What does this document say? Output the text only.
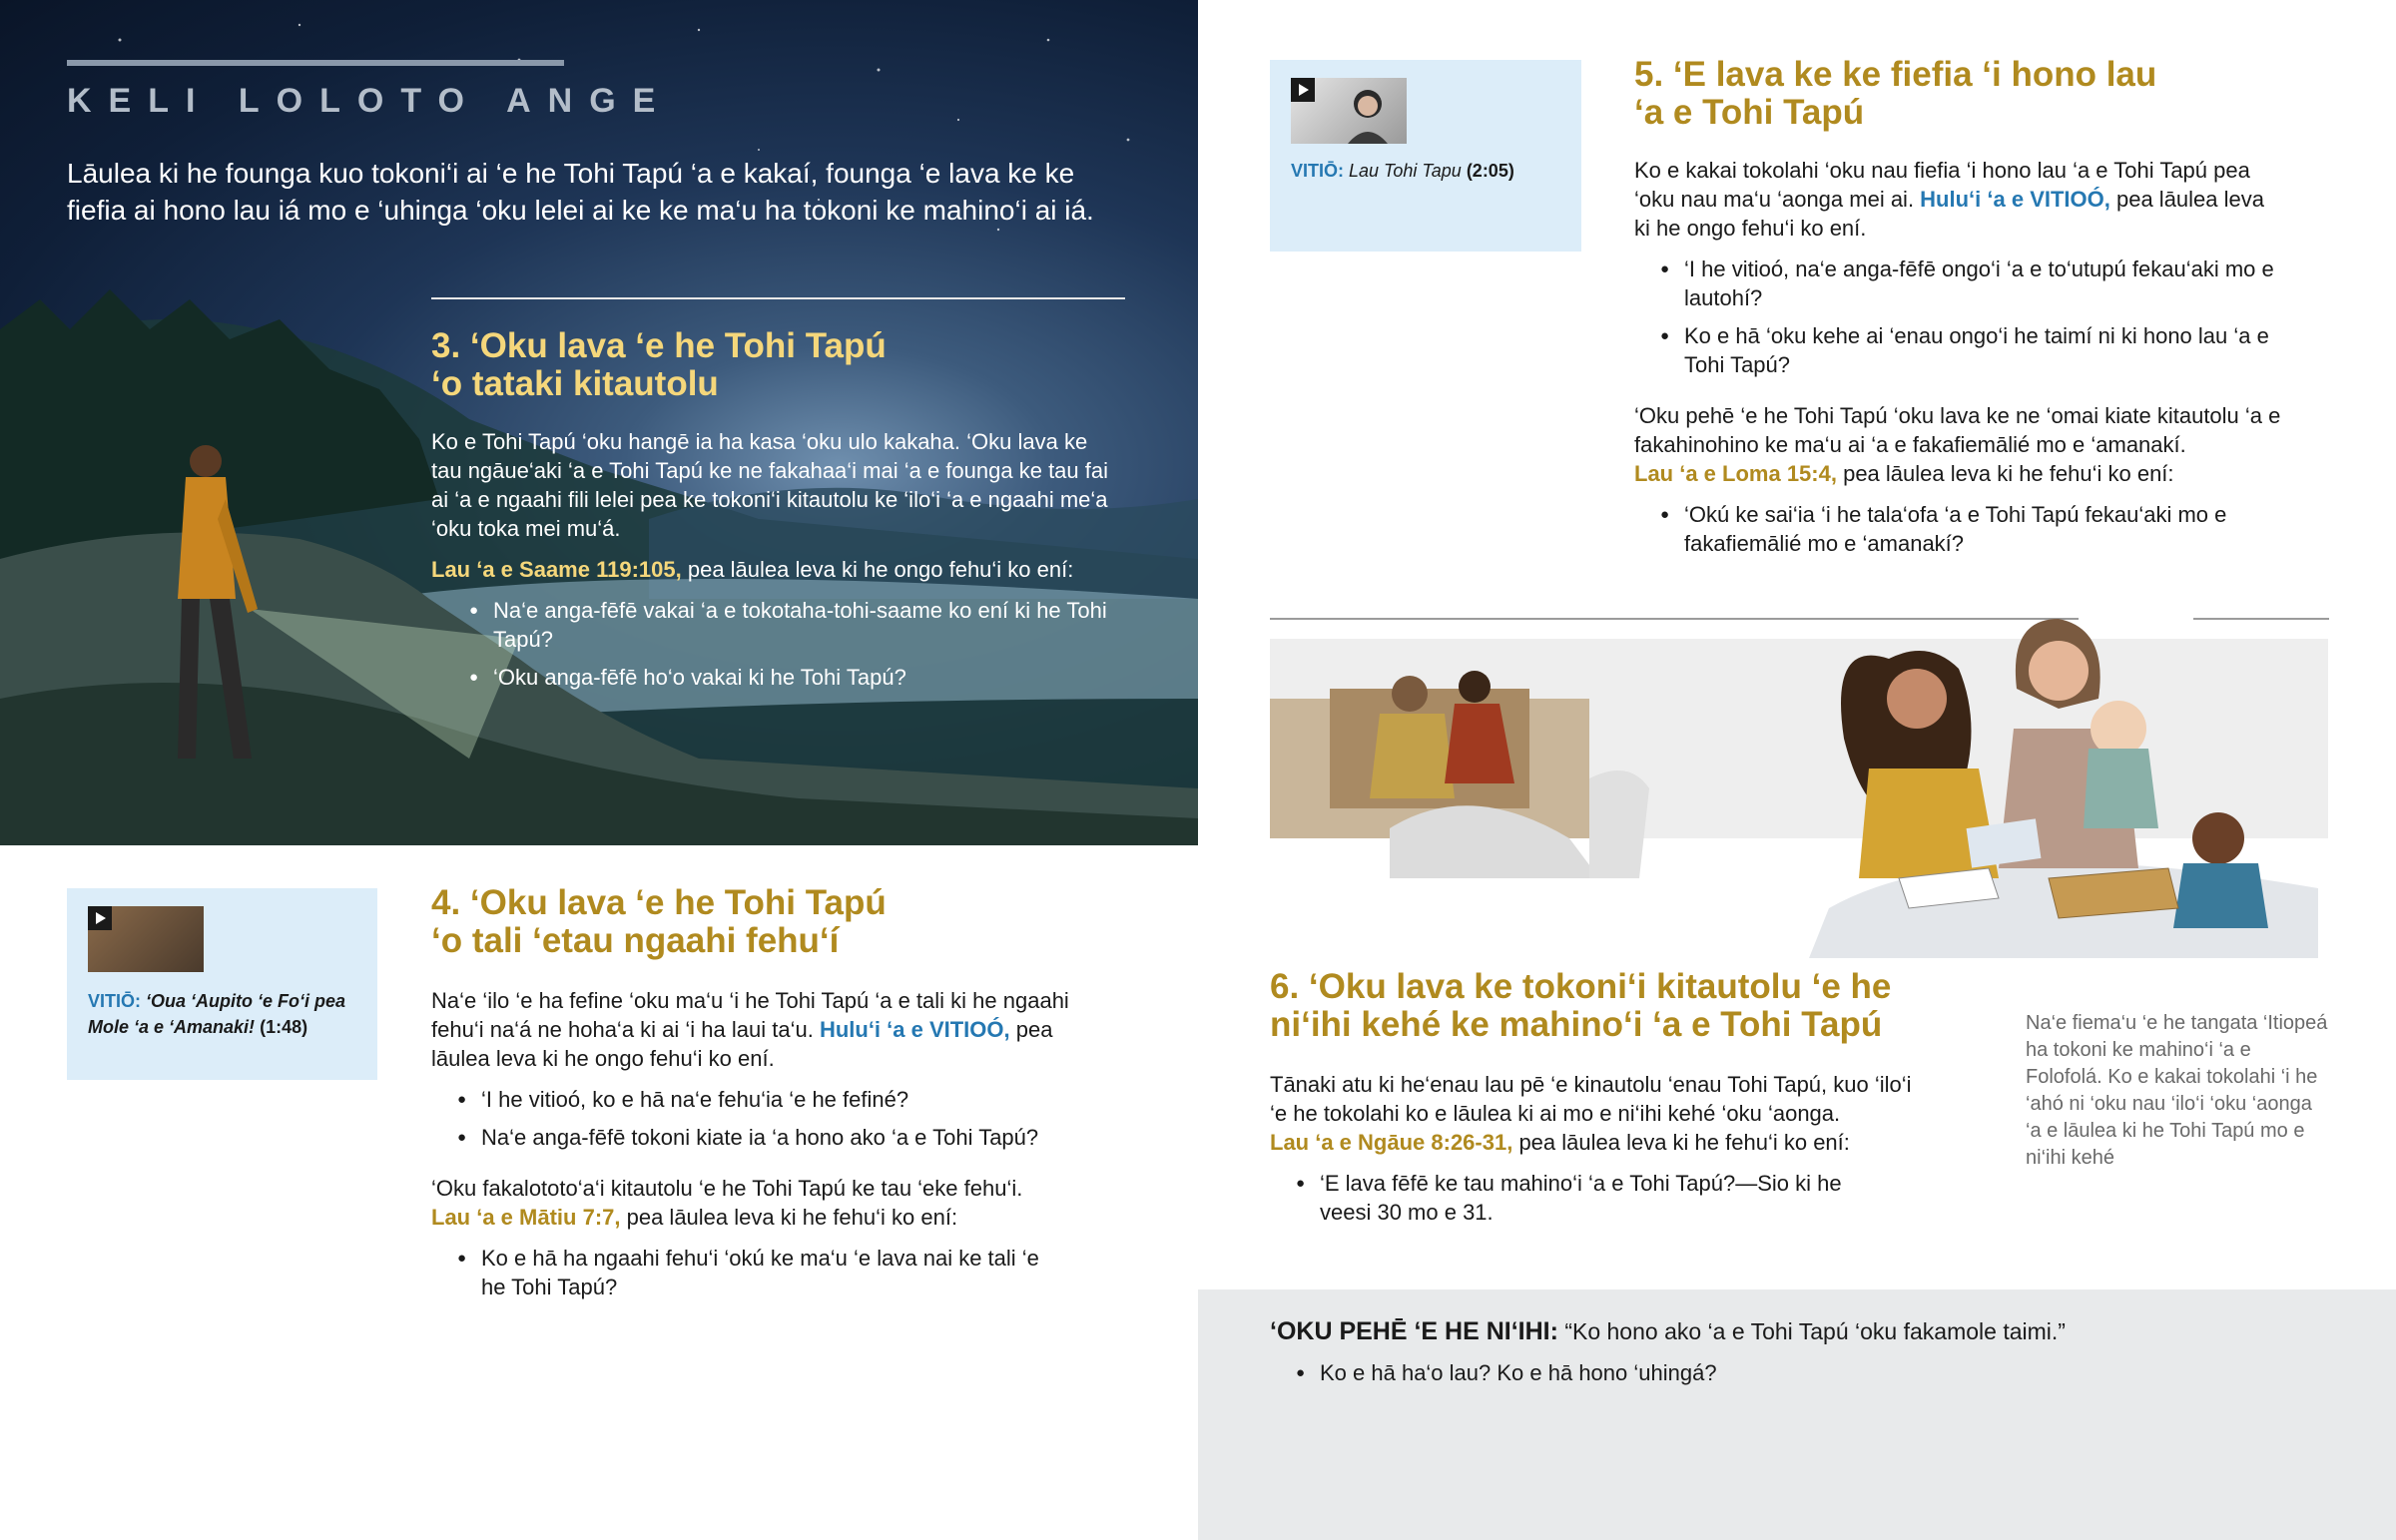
KELI LOLOTO ANGE
Lāulea ki he founga kuo tokoni‘i ai ‘e he Tohi Tapú ‘a e kakaí, founga ‘e lava ke ke fiefia ai hono lau iá mo e ‘uhinga ‘oku lelei ai ke ke ma‘u ha tokoni ke mahino‘i ai iá.
3. ‘Oku lava ‘e he Tohi Tapú
‘o tataki kitautolu
Ko e Tohi Tapú ‘oku hangē ia ha kasa ‘oku ulo kakaha. ‘Oku lava ke tau ngāue‘aki ‘a e Tohi Tapú ke ne fakahaa‘i mai ‘a e founga ke tau fai ai ‘a e ngaahi fili lelei pea ke tokoni‘i kitautolu ke ‘ilo‘i ‘a e ngaahi me‘a ‘oku toka mei mu‘á.
Lau ‘a e Saame 119:105, pea lāulea leva ki he ongo fehu‘i ko ení:
● Na‘e anga-fēfē vakai ‘a e tokotaha-tohi-saame ko ení ki he Tohi Tapú?
● ‘Oku anga-fēfē ho‘o vakai ki he Tohi Tapú?
VITIŌ: ‘Oua ‘Aupito ‘e Fo‘i pea Mole ‘a e ‘Amanaki! (1:48)
4. ‘Oku lava ‘e he Tohi Tapú
‘o tali ‘etau ngaahi fehu‘í
Na‘e ‘ilo ‘e ha fefine ‘oku ma‘u ‘i he Tohi Tapú ‘a e tali ki he ngaahi fehu‘i na‘á ne hoha‘a ki ai ‘i ha laui ta‘u. Hulu‘i ‘a e VITIOÓ, pea lāulea leva ki he ongo fehu‘i ko ení.
● ‘I he vitioó, ko e hā na‘e fehu‘ia ‘e he fefiné?
● Na‘e anga-fēfē tokoni kiate ia ‘a hono ako ‘a e Tohi Tapú?
‘Oku fakalototo‘a‘i kitautolu ‘e he Tohi Tapú ke tau ‘eke fehu‘i.
Lau ‘a e Mātiu 7:7, pea lāulea leva ki he fehu‘i ko ení:
● Ko e hā ha ngaahi fehu‘i ‘okú ke ma‘u ‘e lava nai ke tali ‘e he Tohi Tapú?
VITIŌ: Lau Tohi Tapu (2:05)
5. ‘E lava ke ke fiefia ‘i hono lau
‘a e Tohi Tapú
Ko e kakai tokolahi ‘oku nau fiefia ‘i hono lau ‘a e Tohi Tapú pea ‘oku nau ma‘u ‘aonga mei ai. Hulu‘i ‘a e VITIOÓ, pea lāulea leva ki he ongo fehu‘i ko ení.
● ‘I he vitioó, na‘e anga-fēfē ongo‘i ‘a e to‘utupú fekau‘aki mo e lautohí?
● Ko e hā ‘oku kehe ai ‘enau ongo‘i he taimí ni ki hono lau ‘a e Tohi Tapú?
‘Oku pehē ‘e he Tohi Tapú ‘oku lava ke ne ‘omai kiate kitautolu ‘a e fakahinohino ke ma‘u ai ‘a e fakafiemālié mo e ‘amanakí.
Lau ‘a e Loma 15:4, pea lāulea leva ki he fehu‘i ko ení:
● ‘Okú ke sai‘ia ‘i he tala‘ofa ‘a e Tohi Tapú fekau‘aki mo e fakafiemālié mo e ‘amanakí?
6. ‘Oku lava ke tokoni‘i kitautolu ‘e he
ni‘ihi kehé ke mahino‘i ‘a e Tohi Tapú
Tānaki atu ki he‘enau lau pē ‘e kinautolu ‘enau Tohi Tapú, kuo ‘ilo‘i ‘e he tokolahi ko e lāulea ki ai mo e ni‘ihi kehé ‘oku ‘aonga.
Lau ‘a e Ngāue 8:26-31, pea lāulea leva ki he fehu‘i ko ení:
● ‘E lava fēfē ke tau mahino‘i ‘a e Tohi Tapú?—Sio ki he veesi 30 mo e 31.
Na‘e fiema‘u ‘e he tangata ‘Itiopeá ha tokoni ke mahino‘i ‘a e Folofolá. Ko e kakai tokolahi ‘i he ‘ahó ni ‘oku nau ‘ilo‘i ‘oku ‘aonga ‘a e lāulea ki he Tohi Tapú mo e ni‘ihi kehé
‘OKU PEHĒ ‘E HE NI‘IHI: “Ko hono ako ‘a e Tohi Tapú ‘oku fakamole taimi.”
● Ko e hā ha‘o lau? Ko e hā hono ‘uhingá?
